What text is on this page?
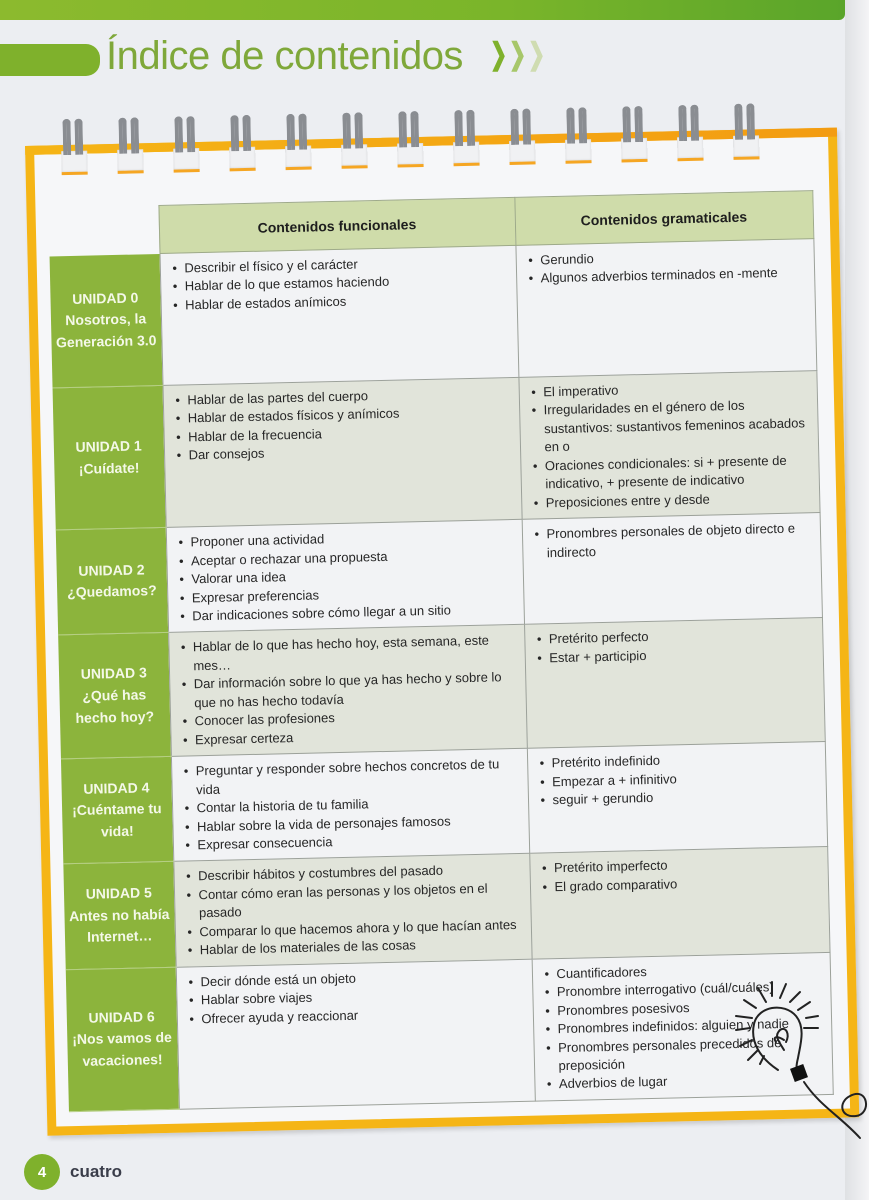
Índice de contenidos ❯ ❯ ❯
	Contenidos funcionales	Contenidos gramaticales

UNIDAD 0
Nosotros, la Generación 3.0

• Describir el físico y el carácter
• Hablar de lo que estamos haciendo
• Hablar de estados anímicos

• Gerundio
• Algunos adverbios terminados en -mente

UNIDAD 1
¡Cuídate!

• Hablar de las partes del cuerpo
• Hablar de estados físicos y anímicos
• Hablar de la frecuencia
• Dar consejos

• El imperativo
• Irregularidades en el género de los sustantivos: sustantivos femeninos acabados en o
• Oraciones condicionales: si + presente de indicativo, + presente de indicativo
• Preposiciones entre y desde

UNIDAD 2
¿Quedamos?

• Proponer una actividad
• Aceptar o rechazar una propuesta
• Valorar una idea
• Expresar preferencias
• Dar indicaciones sobre cómo llegar a un sitio

• Pronombres personales de objeto directo e indirecto

UNIDAD 3
¿Qué has hecho hoy?

• Hablar de lo que has hecho hoy, esta semana, este mes…
• Dar información sobre lo que ya has hecho y sobre lo que no has hecho todavía
• Conocer las profesiones
• Expresar certeza

• Pretérito perfecto
• Estar + participio

UNIDAD 4
¡Cuéntame tu vida!

• Preguntar y responder sobre hechos concretos de tu vida
• Contar la historia de tu familia
• Hablar sobre la vida de personajes famosos
• Expresar consecuencia

• Pretérito indefinido
• Empezar a + infinitivo
• seguir + gerundio

UNIDAD 5
Antes no había Internet…

• Describir hábitos y costumbres del pasado
• Contar cómo eran las personas y los objetos en el pasado
• Comparar lo que hacemos ahora y lo que hacían antes
• Hablar de los materiales de las cosas

• Pretérito imperfecto
• El grado comparativo

UNIDAD 6
¡Nos vamos de vacaciones!

• Decir dónde está un objeto
• Hablar sobre viajes
• Ofrecer ayuda y reaccionar

• Cuantificadores
• Pronombre interrogativo (cuál/cuáles)
• Pronombres posesivos
• Pronombres indefinidos: alguien y nadie
• Pronombres personales precedidos de preposición
• Adverbios de lugar
4	cuatro
